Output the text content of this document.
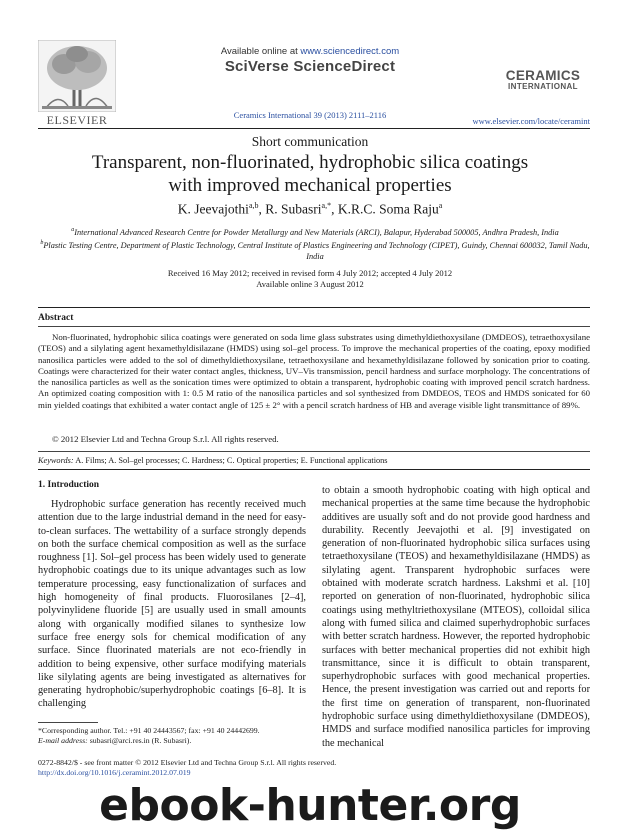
ELSEVIER
Available online at www.sciencedirect.com
SciVerse ScienceDirect
Ceramics International 39 (2013) 2111–2116
CERAMICS
INTERNATIONAL
www.elsevier.com/locate/ceramint
Short communication
Transparent, non-fluorinated, hydrophobic silica coatings
with improved mechanical properties
K. Jeevajothi$^{a,b}$, R. Subasri$^{a,*}$, K.R.C. Soma Raju$^a$
$^a$International Advanced Research Centre for Powder Metallurgy and New Materials (ARCI), Balapur, Hyderabad 500005, Andhra Pradesh, India
$^b$Plastic Testing Centre, Department of Plastic Technology, Central Institute of Plastics Engineering and Technology (CIPET), Guindy, Chennai 600032, Tamil Nadu, India
Received 16 May 2012; received in revised form 4 July 2012; accepted 4 July 2012
Available online 3 August 2012
Abstract
Non-fluorinated, hydrophobic silica coatings were generated on soda lime glass substrates using dimethyldiethoxysilane (DMDEOS), tetraethoxysilane (TEOS) and a silylating agent hexamethyldisilazane (HMDS) using sol–gel process. To improve the mechanical properties of the coating, epoxy modified nanosilica particles were added to the sol of dimethyldiethoxysilane, tetraethoxysilane and hexamethyldisilazane followed by sonication prior to coating. Coatings were characterized for their water contact angles, thickness, UV–Vis transmission, pencil hardness and surface morphology. The concentrations of the nanosilica particles as well as the sonication times were optimized to obtain a transparent, hydrophobic coating with improved pencil scratch hardness. An optimized coating composition with 1: 0.5 M ratio of the nanosilica particles and sol synthesized from DMDEOS, TEOS and HMDS sonicated for 60 min yielded coatings that exhibited a water contact angle of 125 ± 2° with a pencil scratch hardness of HB and average visible light transmittance of 89%.
© 2012 Elsevier Ltd and Techna Group S.r.l. All rights reserved.
Keywords: A. Films; A. Sol–gel processes; C. Hardness; C. Optical properties; E. Functional applications
1. Introduction
Hydrophobic surface generation has recently received much attention due to the large industrial demand in the need for easy-to-clean surfaces. The wettability of a surface strongly depends on both the surface chemical composition as well as the surface roughness [1]. Sol–gel process has been widely used to generate hydrophobic coatings due to its unique advantages such as low temperature processing, easy functionalization of surfaces and high homogeneity of final products. Fluorosilanes [2–4], polyvinylidene fluoride [5] are usually used in small amounts along with organically modified silanes to synthesize low surface free energy sols for chemical modification of any surface. Since fluorinated materials are not eco-friendly in addition to being expensive, other surface modifying materials like silylating agents are being investigated as alternatives for generating hydrophobic/superhydrophobic coatings [6–8]. It is challenging
to obtain a smooth hydrophobic coating with high optical and mechanical properties at the same time because the hydrophobic additives are usually soft and do not provide good hardness and durability. Recently Jeevajothi et al. [9] investigated on generation of non-fluorinated hydrophobic silica surfaces using tetraethoxysilane (TEOS) and hexamethyldisilazane (HMDS) as silylating agent. Transparent hydrophobic surfaces were obtained with moderate scratch hardness. Lakshmi et al. [10] reported on generation of non-fluorinated, hydrophobic silica coatings using methyltriethoxysilane (MTEOS), colloidal silica along with fumed silica and claimed superhydrophobic surfaces with better scratch hardness. However, the reported hydrophobic surfaces with better mechanical properties did not exhibit high transmittance, since it is difficult to obtain transparent, superhydrophobic surfaces with good mechanical properties. Hence, the present investigation was carried out and reports for the first time on generation of transparent, non-fluorinated hydrophobic surface using dimethyldiethoxysilane (DMDEOS), HMDS and surface modified nanosilica particles for improving the mechanical
*Corresponding author. Tel.: +91 40 24443567; fax: +91 40 24442699.
E-mail address: subasri@arci.res.in (R. Subasri).
0272-8842/$ - see front matter © 2012 Elsevier Ltd and Techna Group S.r.l. All rights reserved.
http://dx.doi.org/10.1016/j.ceramint.2012.07.019
ebook-hunter.org
